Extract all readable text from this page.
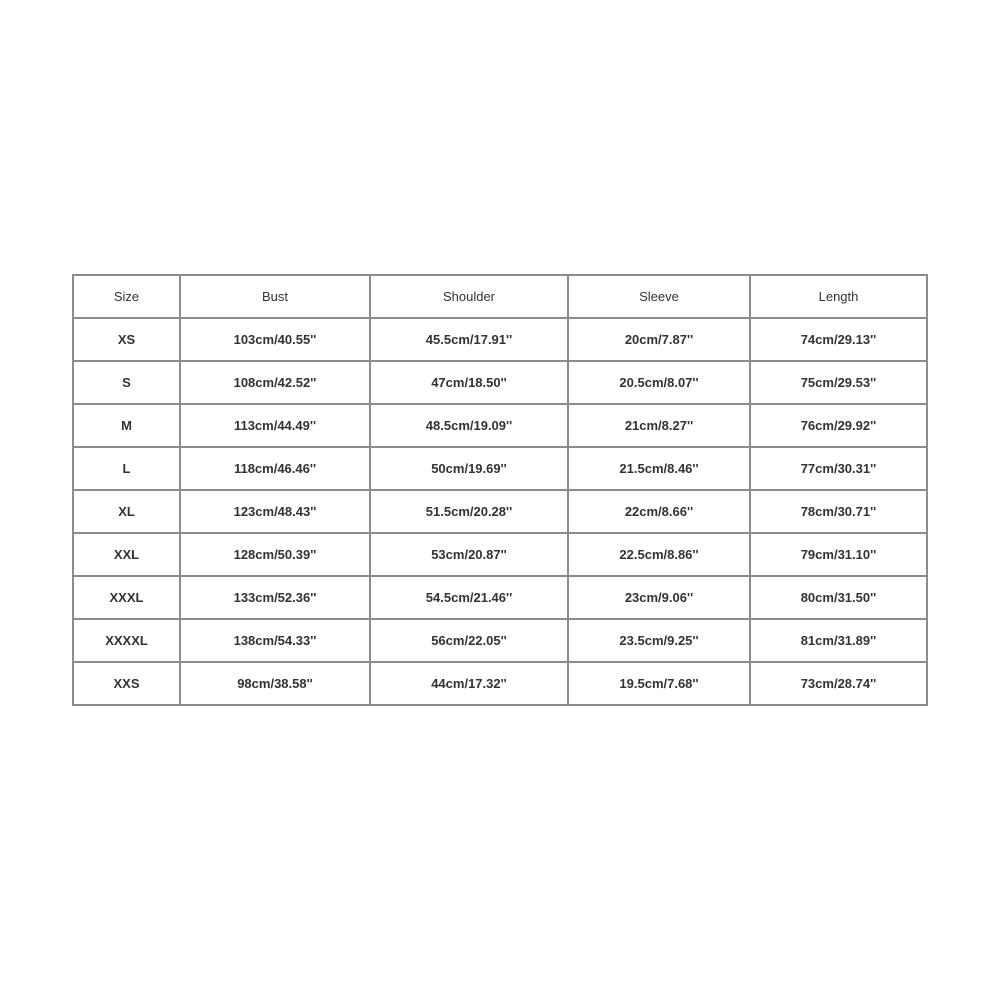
Size	Bust	Shoulder	Sleeve	Length
XS	103cm/40.55''	45.5cm/17.91''	20cm/7.87''	74cm/29.13''
S	108cm/42.52''	47cm/18.50''	20.5cm/8.07''	75cm/29.53''
M	113cm/44.49''	48.5cm/19.09''	21cm/8.27''	76cm/29.92''
L	118cm/46.46''	50cm/19.69''	21.5cm/8.46''	77cm/30.31''
XL	123cm/48.43''	51.5cm/20.28''	22cm/8.66''	78cm/30.71''
XXL	128cm/50.39''	53cm/20.87''	22.5cm/8.86''	79cm/31.10''
XXXL	133cm/52.36''	54.5cm/21.46''	23cm/9.06''	80cm/31.50''
XXXXL	138cm/54.33''	56cm/22.05''	23.5cm/9.25''	81cm/31.89''
XXS	98cm/38.58''	44cm/17.32''	19.5cm/7.68''	73cm/28.74''
